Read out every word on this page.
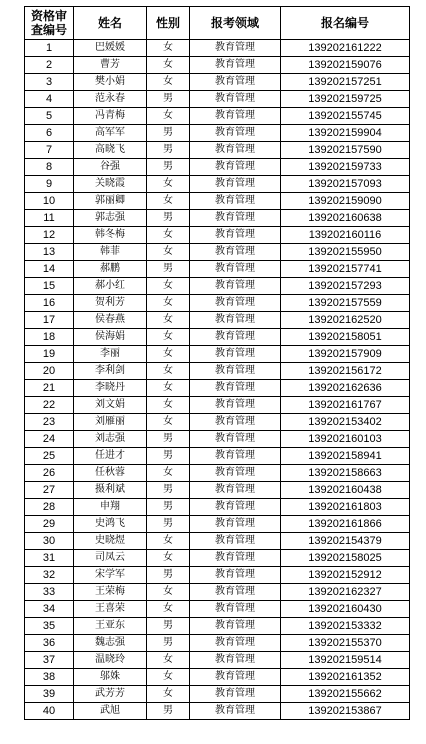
资格审
查编号	姓名	性别	报考领域	报名编号
1	巴媛媛	女	教育管理	139202161222
2	曹芳	女	教育管理	139202159076
3	樊小娟	女	教育管理	139202157251
4	范永春	男	教育管理	139202159725
5	冯青梅	女	教育管理	139202155745
6	高军军	男	教育管理	139202159904
7	高晓飞	男	教育管理	139202157590
8	谷强	男	教育管理	139202159733
9	关晓霞	女	教育管理	139202157093
10	郭丽卿	女	教育管理	139202159090
11	郭志强	男	教育管理	139202160638
12	韩冬梅	女	教育管理	139202160116
13	韩菲	女	教育管理	139202155950
14	郝鹏	男	教育管理	139202157741
15	郝小红	女	教育管理	139202157293
16	贺利芳	女	教育管理	139202157559
17	侯春燕	女	教育管理	139202162520
18	侯海娟	女	教育管理	139202158051
19	李丽	女	教育管理	139202157909
20	李利剑	女	教育管理	139202156172
21	李晓丹	女	教育管理	139202162636
22	刘文娟	女	教育管理	139202161767
23	刘雁丽	女	教育管理	139202153402
24	刘志强	男	教育管理	139202160103
25	任进才	男	教育管理	139202158941
26	任秋蓉	女	教育管理	139202158663
27	摄利斌	男	教育管理	139202160438
28	申翔	男	教育管理	139202161803
29	史鸿飞	男	教育管理	139202161866
30	史晓煜	女	教育管理	139202154379
31	司凤云	女	教育管理	139202158025
32	宋学军	男	教育管理	139202152912
33	王荣梅	女	教育管理	139202162327
34	王喜荣	女	教育管理	139202160430
35	王亚东	男	教育管理	139202153332
36	魏志强	男	教育管理	139202155370
37	温晓玲	女	教育管理	139202159514
38	邬姝	女	教育管理	139202161352
39	武芳芳	女	教育管理	139202155662
40	武旭	男	教育管理	139202153867
